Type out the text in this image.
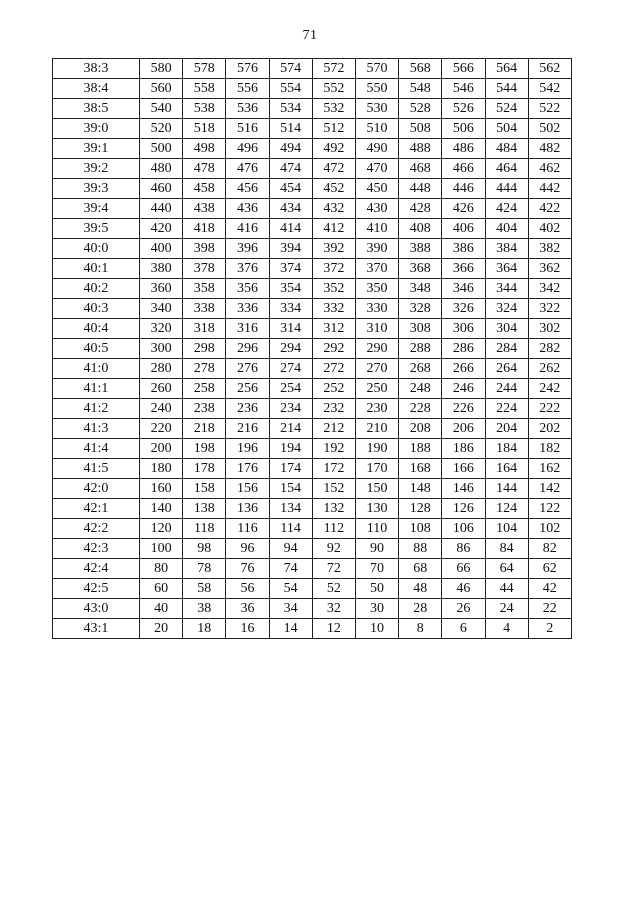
71
38:3	580	578	576	574	572	570	568	566	564	562
38:4	560	558	556	554	552	550	548	546	544	542
38:5	540	538	536	534	532	530	528	526	524	522
39:0	520	518	516	514	512	510	508	506	504	502
39:1	500	498	496	494	492	490	488	486	484	482
39:2	480	478	476	474	472	470	468	466	464	462
39:3	460	458	456	454	452	450	448	446	444	442
39:4	440	438	436	434	432	430	428	426	424	422
39:5	420	418	416	414	412	410	408	406	404	402
40:0	400	398	396	394	392	390	388	386	384	382
40:1	380	378	376	374	372	370	368	366	364	362
40:2	360	358	356	354	352	350	348	346	344	342
40:3	340	338	336	334	332	330	328	326	324	322
40:4	320	318	316	314	312	310	308	306	304	302
40:5	300	298	296	294	292	290	288	286	284	282
41:0	280	278	276	274	272	270	268	266	264	262
41:1	260	258	256	254	252	250	248	246	244	242
41:2	240	238	236	234	232	230	228	226	224	222
41:3	220	218	216	214	212	210	208	206	204	202
41:4	200	198	196	194	192	190	188	186	184	182
41:5	180	178	176	174	172	170	168	166	164	162
42:0	160	158	156	154	152	150	148	146	144	142
42:1	140	138	136	134	132	130	128	126	124	122
42:2	120	118	116	114	112	110	108	106	104	102
42:3	100	98	96	94	92	90	88	86	84	82
42:4	80	78	76	74	72	70	68	66	64	62
42:5	60	58	56	54	52	50	48	46	44	42
43:0	40	38	36	34	32	30	28	26	24	22
43:1	20	18	16	14	12	10	8	6	4	2
